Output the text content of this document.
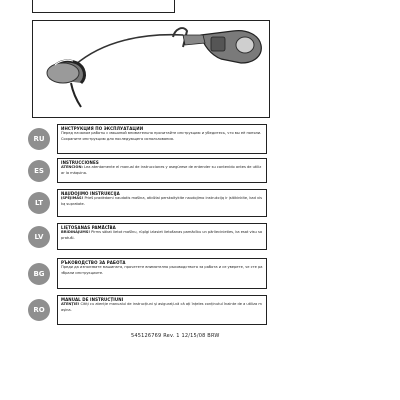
RU
ИНСТРУКЦИЯ ПО ЭКСПЛУАТАЦИИ
Перед началом работы с машиной внимательно прочитайте инструкцию и убедитесь, что вы её поняли. Сохраните инструкцию для последующего использования.
ES
INSTRUCCIONES
ATENCIÓN: Lea atentamente el manual de instrucciones y asegúrese de entender su contenido antes de utilizar la máquina.
LT
NAUDOJIMO INSTRUKCIJA
ĮSPĖJIMAS! Prieš pradėdami naudotis mašina, atidžiai perskaitykite naudojimo instrukciją ir įsitikinkite, kad viską supratote.
LV
LIETOŠANAS PAMĀCĪBA
BRĪDINĀJUMS! Pirms sākat lietot mašīnu, rūpīgi izlasiet lietošanas pamācību un pārliecinieties, ka esat visu sapratuši.
BG
РЪКОВОДСТВО ЗА РАБОТА
Преди да използвате машината, прочетете внимателно ръководството за работа и се уверете, че сте разбрали инструкциите.
RO
MANUAL DE INSTRUCȚIUNI
ATENȚIE! Citiți cu atenție manualul de instrucțiuni și asigurați-vă că ați înțeles conținutul înainte de a utiliza mașina.
545126769 Rev. 1 12/15/08 BRW
